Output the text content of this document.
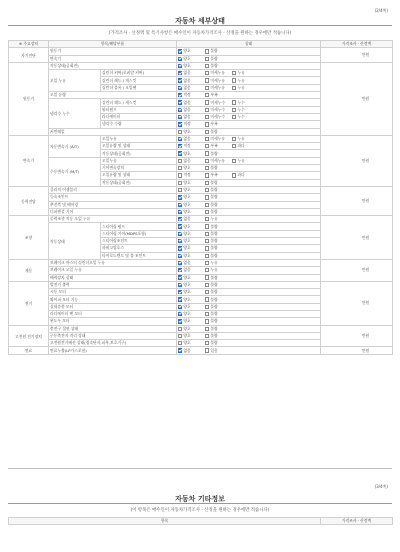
(2/4쪽)
자동차 세부상태
(가격조사 · 산정액 및 특기사항은 매수인이 자동차가격조사 · 산정을 원하는 경우에만 적습니다)
※ 주요장치	항목/해당부품		상태	가격조사 · 산정액
자기진단	원동기		양호 불량	만원
	변속기		양호 불량	

원동기	작동상태(공회전)		양호 불량	만원
	오일 누유	실린더 커버(로커암 커버)	없음 미세누유 누유	

		실린더 헤드 / 개스킷	없음 미세누유 누유	

		실린더 블록 / 오일팬	없음 미세누유 누유	

	오일 유량		적정 부족	

	냉각수 누수	실린더 헤드 / 개스킷	없음 미세누수 누수	

		워터펌프	없음 미세누수 누수	

		라디에이터	없음 미세누수 누수	

		냉각수 수량	적정 부족	

	커먼레일		양호 불량	

변속기	자동변속기 (A/T)	오일누유	없음 미세누유 누유	만원
		오일유량 및 상태	적정 부족 과다	

		작동상태(공회전)	양호 불량	

	수동변속기 (M/T)	오일누유	없음 미세누유 누유	

		기어변속장치	양호 불량	

		오일유량 및 상태	적정 부족 과다	

		작동상태(공회전)	양호 불량	

동력전달	클러치 어셈블리		양호 불량	만원
	등속조인트		양호 불량	

	추진축 및 베어링		양호 불량	

	디퍼렌셜 기어		양호 불량	

조향	동력조향 작동 오일 누유		없음 누유	만원
	작동상태	스티어링 펌프	양호 불량	

		스티어링 기어(MDPS포함)	양호 불량	

		스티어링조인트	양호 불량	

		파워고압호스	양호 불량	

		타이로드엔드 및 볼 조인트	양호 불량	

제동	브레이크 마스터 실린더오일 누유		없음 누유	만원
	브레이크 오일 누유		없음 누유	

	배력장치 상태		양호 불량	

전기	발전기 출력		양호 불량	만원
	시동 모터		양호 불량	

	와이퍼 모터 기능		양호 불량	

	실내송풍 모터		양호 불량	

	라디에이터 팬 모터		양호 불량	

	윈도우 모터		양호 불량	

고전원 전기장치	충전구 절연 상태		양호 불량	만원
	구동축전지 격리 상태		양호 불량	

	고전원전기배선 상태(접속단자,피복,보호기구)		양호 불량	

연료	연료누출(LP가스포함)		없음 있음	만원
(3/4쪽)
자동차 기타정보
(이 항목은 매수인이 자동차가격조사 · 산정을 원하는 경우에만 적습니다)
항목	가격조사 · 산정액
